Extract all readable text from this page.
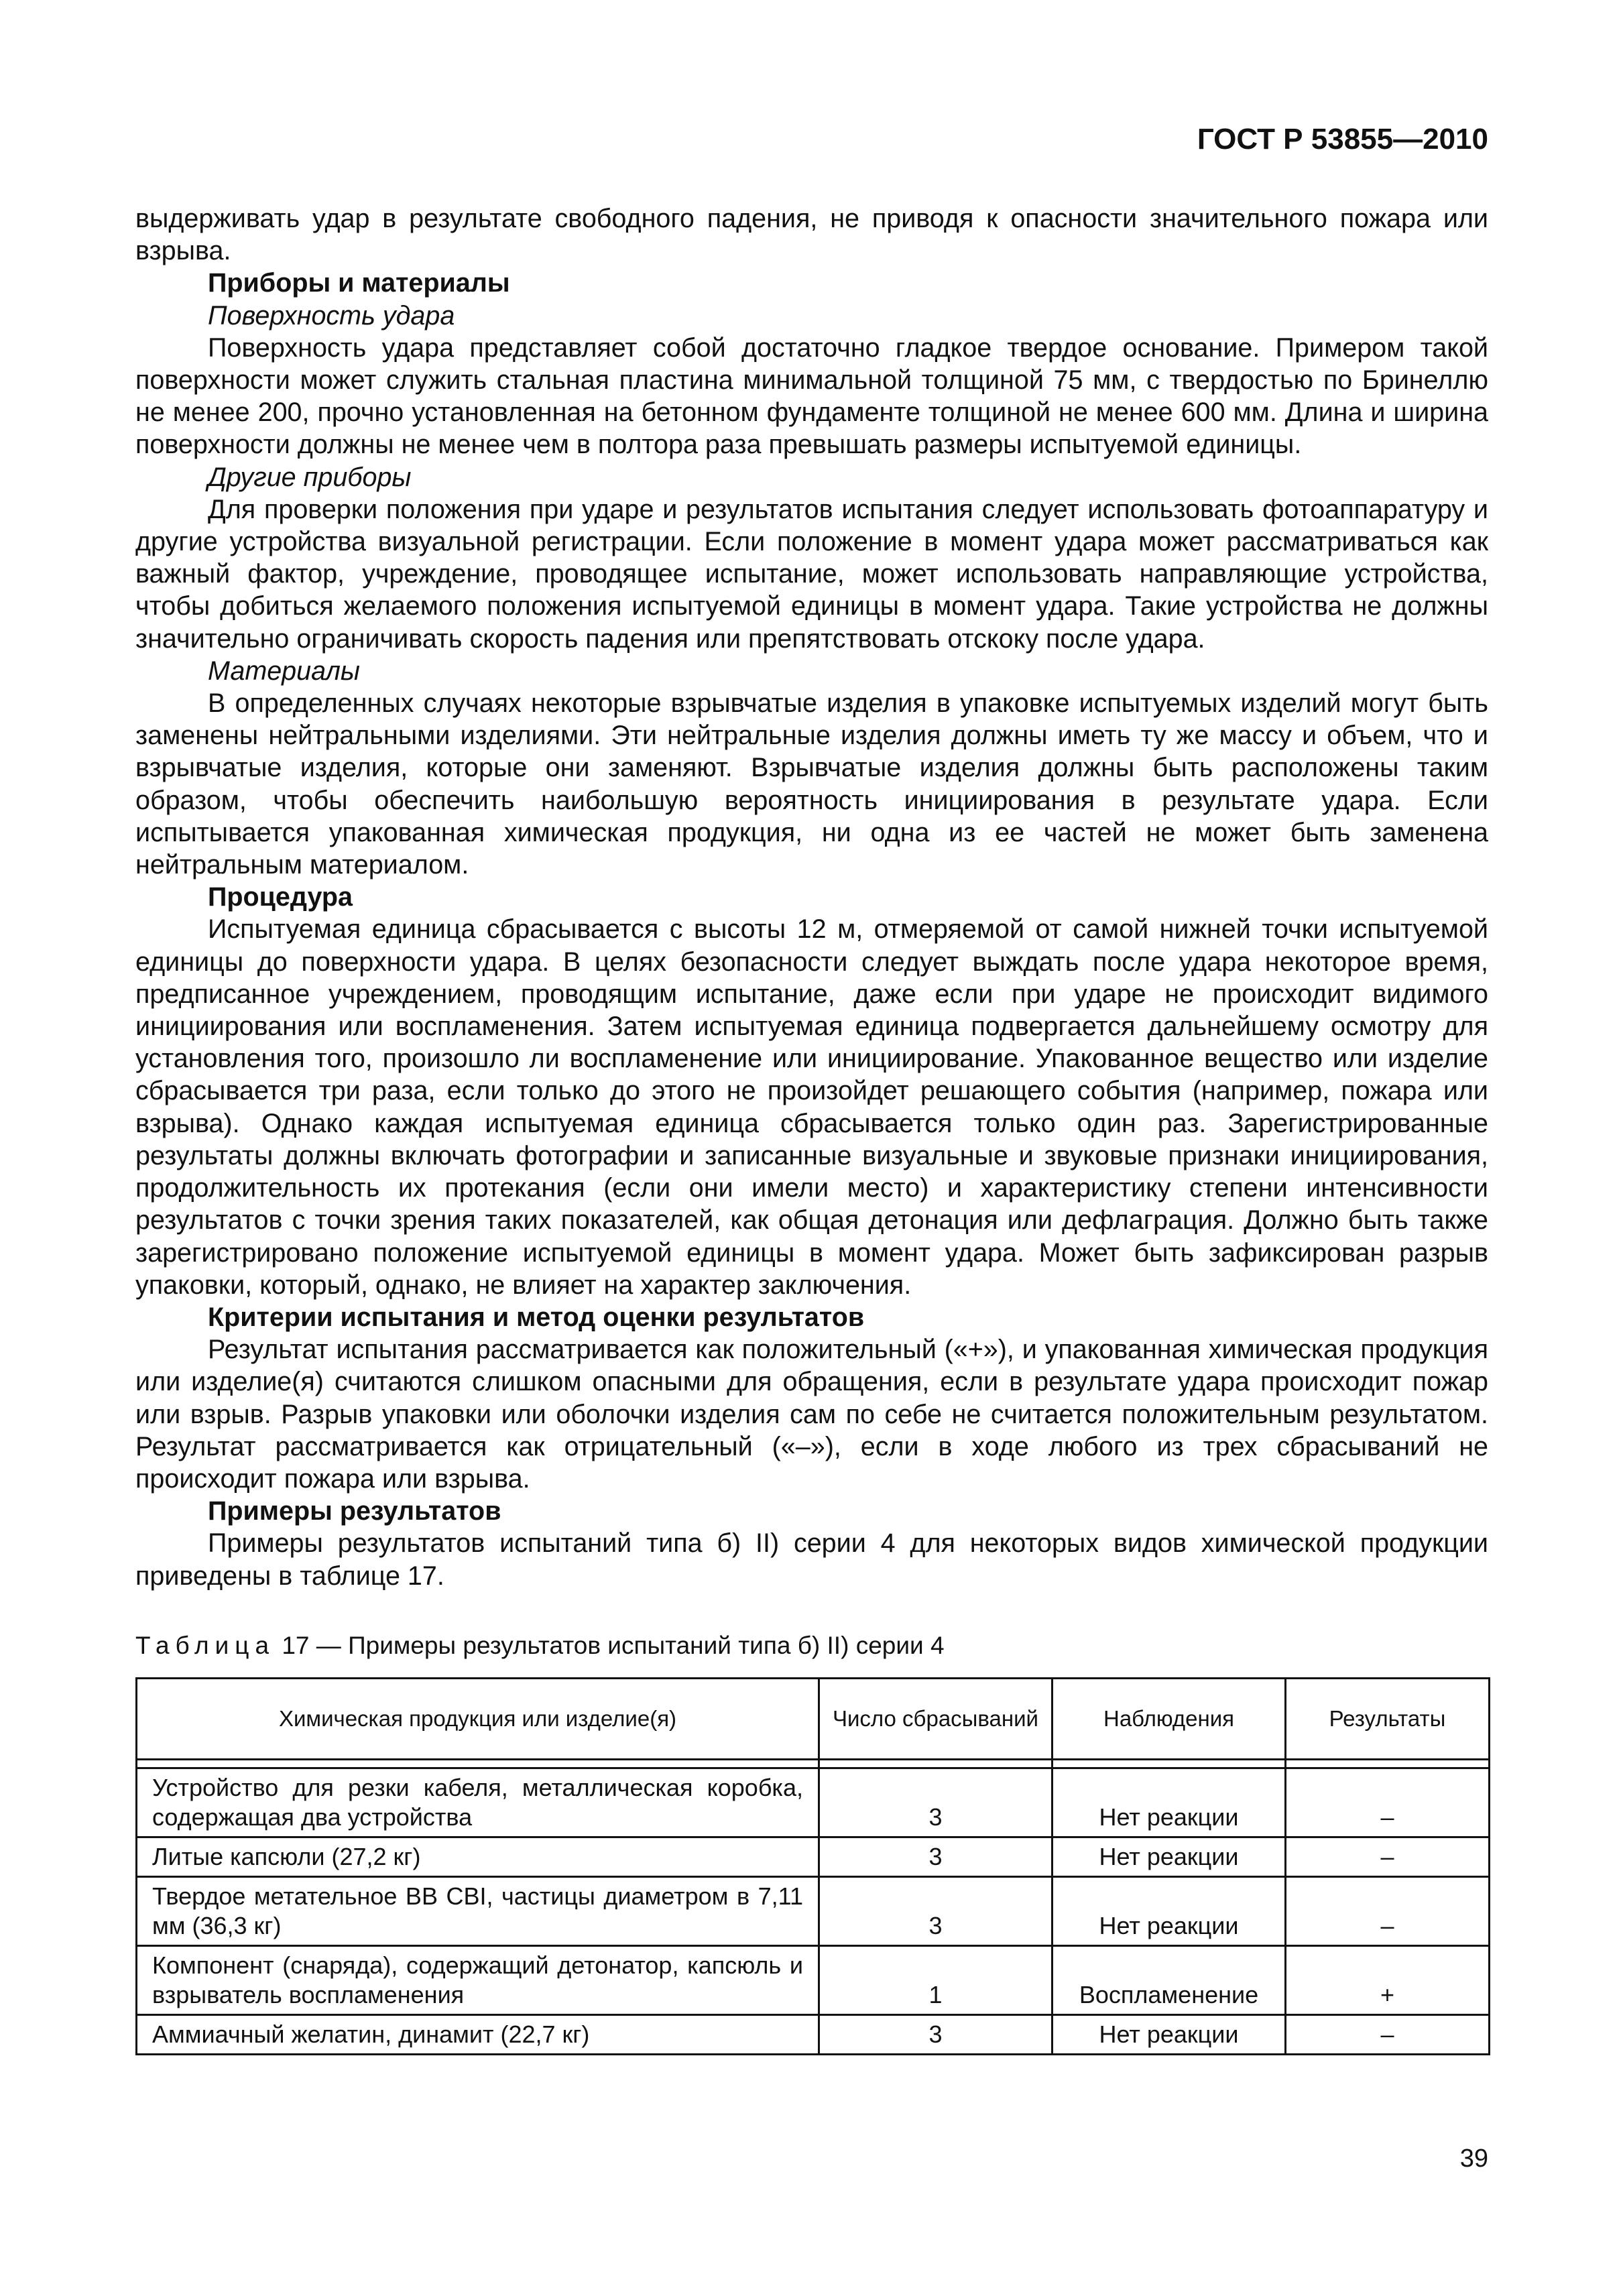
ГОСТ Р 53855—2010

выдерживать удар в результате свободного падения, не приводя к опасности значительного пожара или взрыва.

Приборы и материалы
Поверхность удара

Поверхность удара представляет собой достаточно гладкое твердое основание. Примером такой поверхности может служить стальная пластина минимальной толщиной 75 мм, с твердостью по Бринеллю не менее 200, прочно установленная на бетонном фундаменте толщиной не менее 600 мм. Длина и ширина поверхности должны не менее чем в полтора раза превышать размеры испытуемой единицы.

Другие приборы

Для проверки положения при ударе и результатов испытания следует использовать фотоаппаратуру и другие устройства визуальной регистрации. Если положение в момент удара может рассматриваться как важный фактор, учреждение, проводящее испытание, может использовать направляющие устройства, чтобы добиться желаемого положения испытуемой единицы в момент удара. Такие устройства не должны значительно ограничивать скорость падения или препятствовать отскоку после удара.

Материалы

В определенных случаях некоторые взрывчатые изделия в упаковке испытуемых изделий могут быть заменены нейтральными изделиями. Эти нейтральные изделия должны иметь ту же массу и объем, что и взрывчатые изделия, которые они заменяют. Взрывчатые изделия должны быть расположены таким образом, чтобы обеспечить наибольшую вероятность инициирования в результате удара. Если испытывается упакованная химическая продукция, ни одна из ее частей не может быть заменена нейтральным материалом.

Процедура

Испытуемая единица сбрасывается с высоты 12 м, отмеряемой от самой нижней точки испытуемой единицы до поверхности удара. В целях безопасности следует выждать после удара некоторое время, предписанное учреждением, проводящим испытание, даже если при ударе не происходит видимого инициирования или воспламенения. Затем испытуемая единица подвергается дальнейшему осмотру для установления того, произошло ли воспламенение или инициирование. Упакованное вещество или изделие сбрасывается три раза, если только до этого не произойдет решающего события (например, пожара или взрыва). Однако каждая испытуемая единица сбрасывается только один раз. Зарегистрированные результаты должны включать фотографии и записанные визуальные и звуковые признаки инициирования, продолжительность их протекания (если они имели место) и характеристику степени интенсивности результатов с точки зрения таких показателей, как общая детонация или дефлаграция. Должно быть также зарегистрировано положение испытуемой единицы в момент удара. Может быть зафиксирован разрыв упаковки, который, однако, не влияет на характер заключения.

Критерии испытания и метод оценки результатов

Результат испытания рассматривается как положительный («+»), и упакованная химическая продукция или изделие(я) считаются слишком опасными для обращения, если в результате удара происходит пожар или взрыв. Разрыв упаковки или оболочки изделия сам по себе не считается положительным результатом. Результат рассматривается как отрицательный («–»), если в ходе любого из трех сбрасываний не происходит пожара или взрыва.

Примеры результатов

Примеры результатов испытаний типа б) II) серии 4 для некоторых видов химической продукции приведены в таблице 17.

Таблица 17 — Примеры результатов испытаний типа б) II) серии 4
Химическая продукция или изделие(я)	Число сбрасываний	Наблюдения	Результаты

Устройство для резки кабеля, металлическая коробка, содержащая два устройства	3	Нет реакции	–
Литые капсюли (27,2 кг)	3	Нет реакции	–
Твердое метательное ВВ CBI, частицы диаметром в 7,11 мм (36,3 кг)	3	Нет реакции	–
Компонент (снаряда), содержащий детонатор, капсюль и взрыватель воспламенения	1	Воспламенение	+
Аммиачный желатин, динамит (22,7 кг)	3	Нет реакции	–
39
